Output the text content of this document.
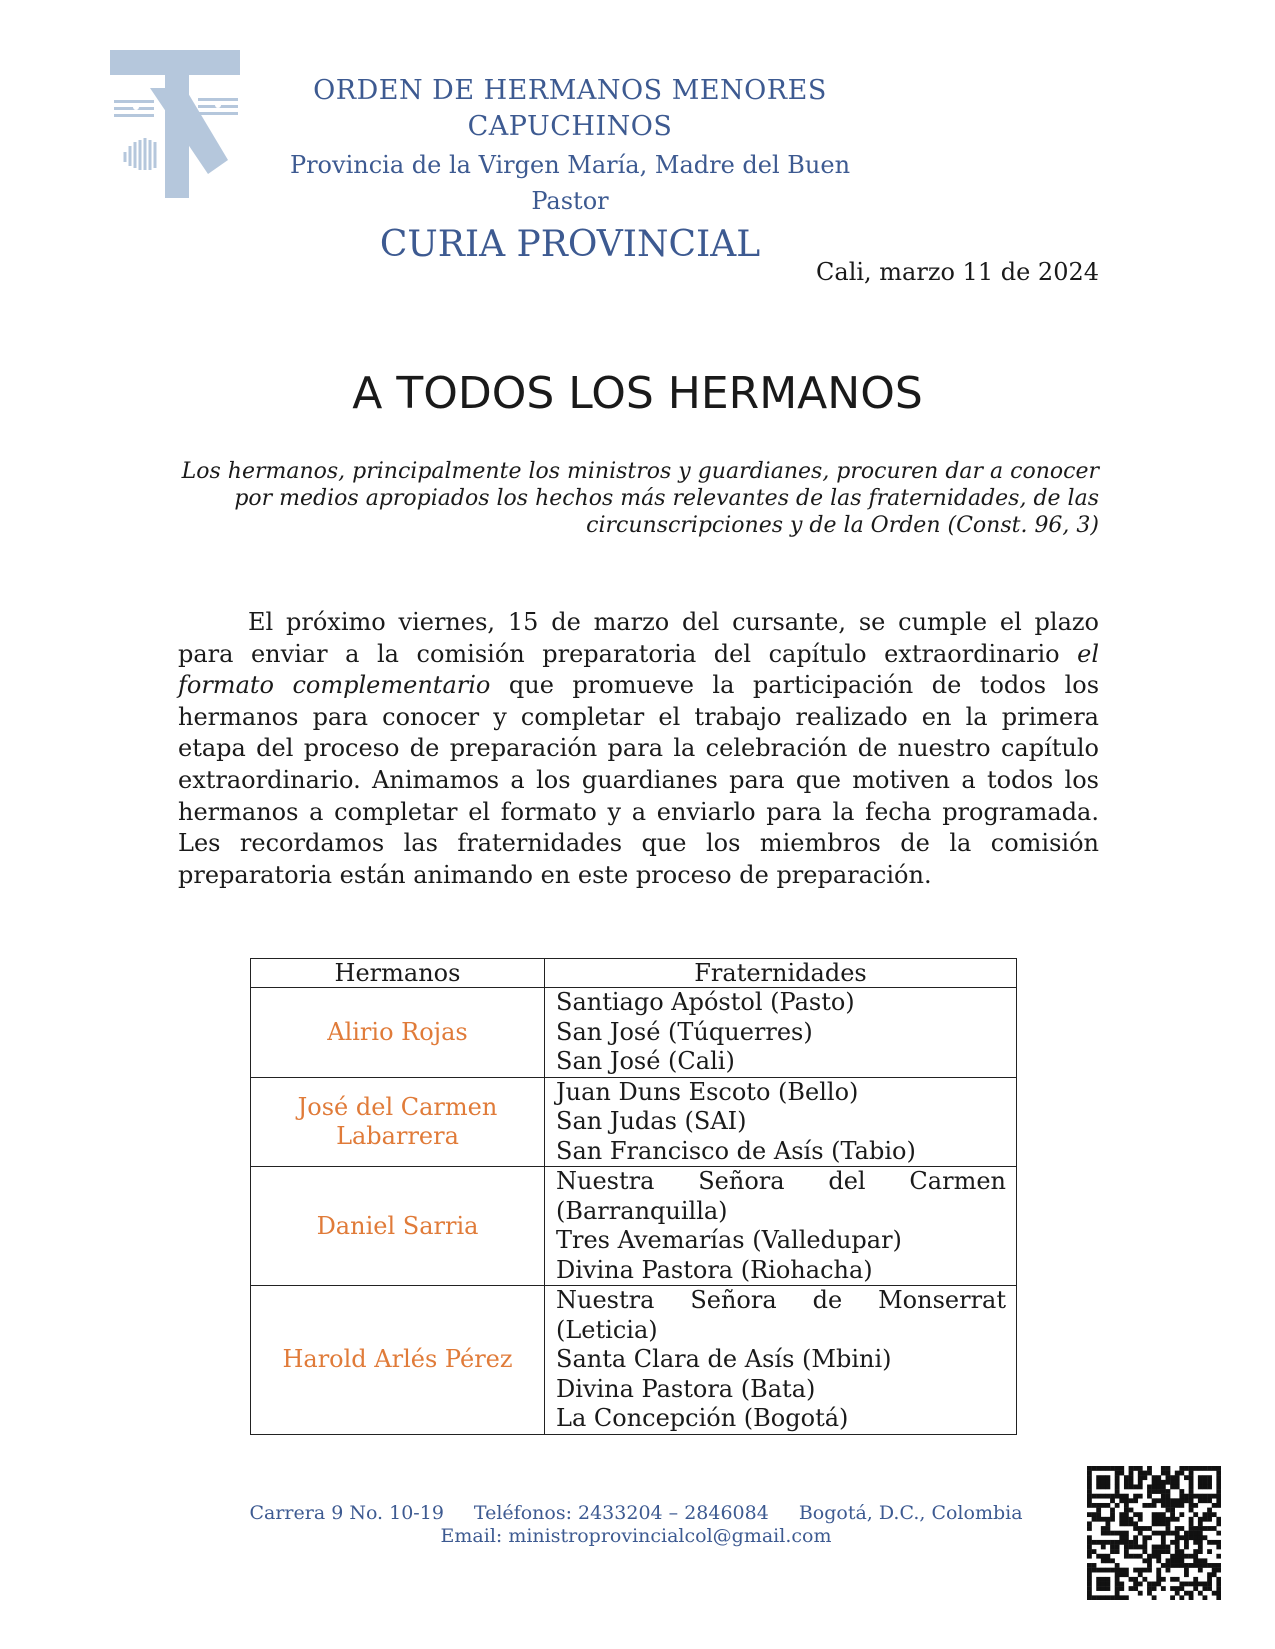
ORDEN DE HERMANOS MENORES CAPUCHINOS
Provincia de la Virgen María, Madre del Buen Pastor
CURIA PROVINCIAL
Cali, marzo 11 de 2024
A TODOS LOS HERMANOS
Los hermanos, principalmente los ministros y guardianes, procuren dar a conocer por medios apropiados los hechos más relevantes de las fraternidades, de las circunscripciones y de la Orden (Const. 96, 3)

El próximo viernes, 15 de marzo del cursante, se cumple el plazo para enviar a la comisión preparatoria del capítulo extraordinario el formato complementario que promueve la participación de todos los hermanos para conocer y completar el trabajo realizado en la primera etapa del proceso de preparación para la celebración de nuestro capítulo extraordinario. Animamos a los guardianes para que motiven a todos los hermanos a completar el formato y a enviarlo para la fecha programada. Les recordamos las fraternidades que los miembros de la comisión preparatoria están animando en este proceso de preparación.

Hermanos	Fraternidades
Alirio Rojas	Santiago Apóstol (Pasto)
San José (Túquerres)
San José (Cali)

José del Carmen Labarrera	Juan Duns Escoto (Bello)
San Judas (SAI)
San Francisco de Asís (Tabio)

Daniel Sarria	Nuestra Señora del Carmen (Barranquilla)
Tres Avemarías (Valledupar)
Divina Pastora (Riohacha)

Harold Arlés Pérez	Nuestra Señora de Monserrat (Leticia)
Santa Clara de Asís (Mbini)
Divina Pastora (Bata)
La Concepción (Bogotá)
Carrera 9 No. 10-19 Teléfonos: 2433204 – 2846084 Bogotá, D.C., Colombia
Email: ministroprovincialcol@gmail.com
